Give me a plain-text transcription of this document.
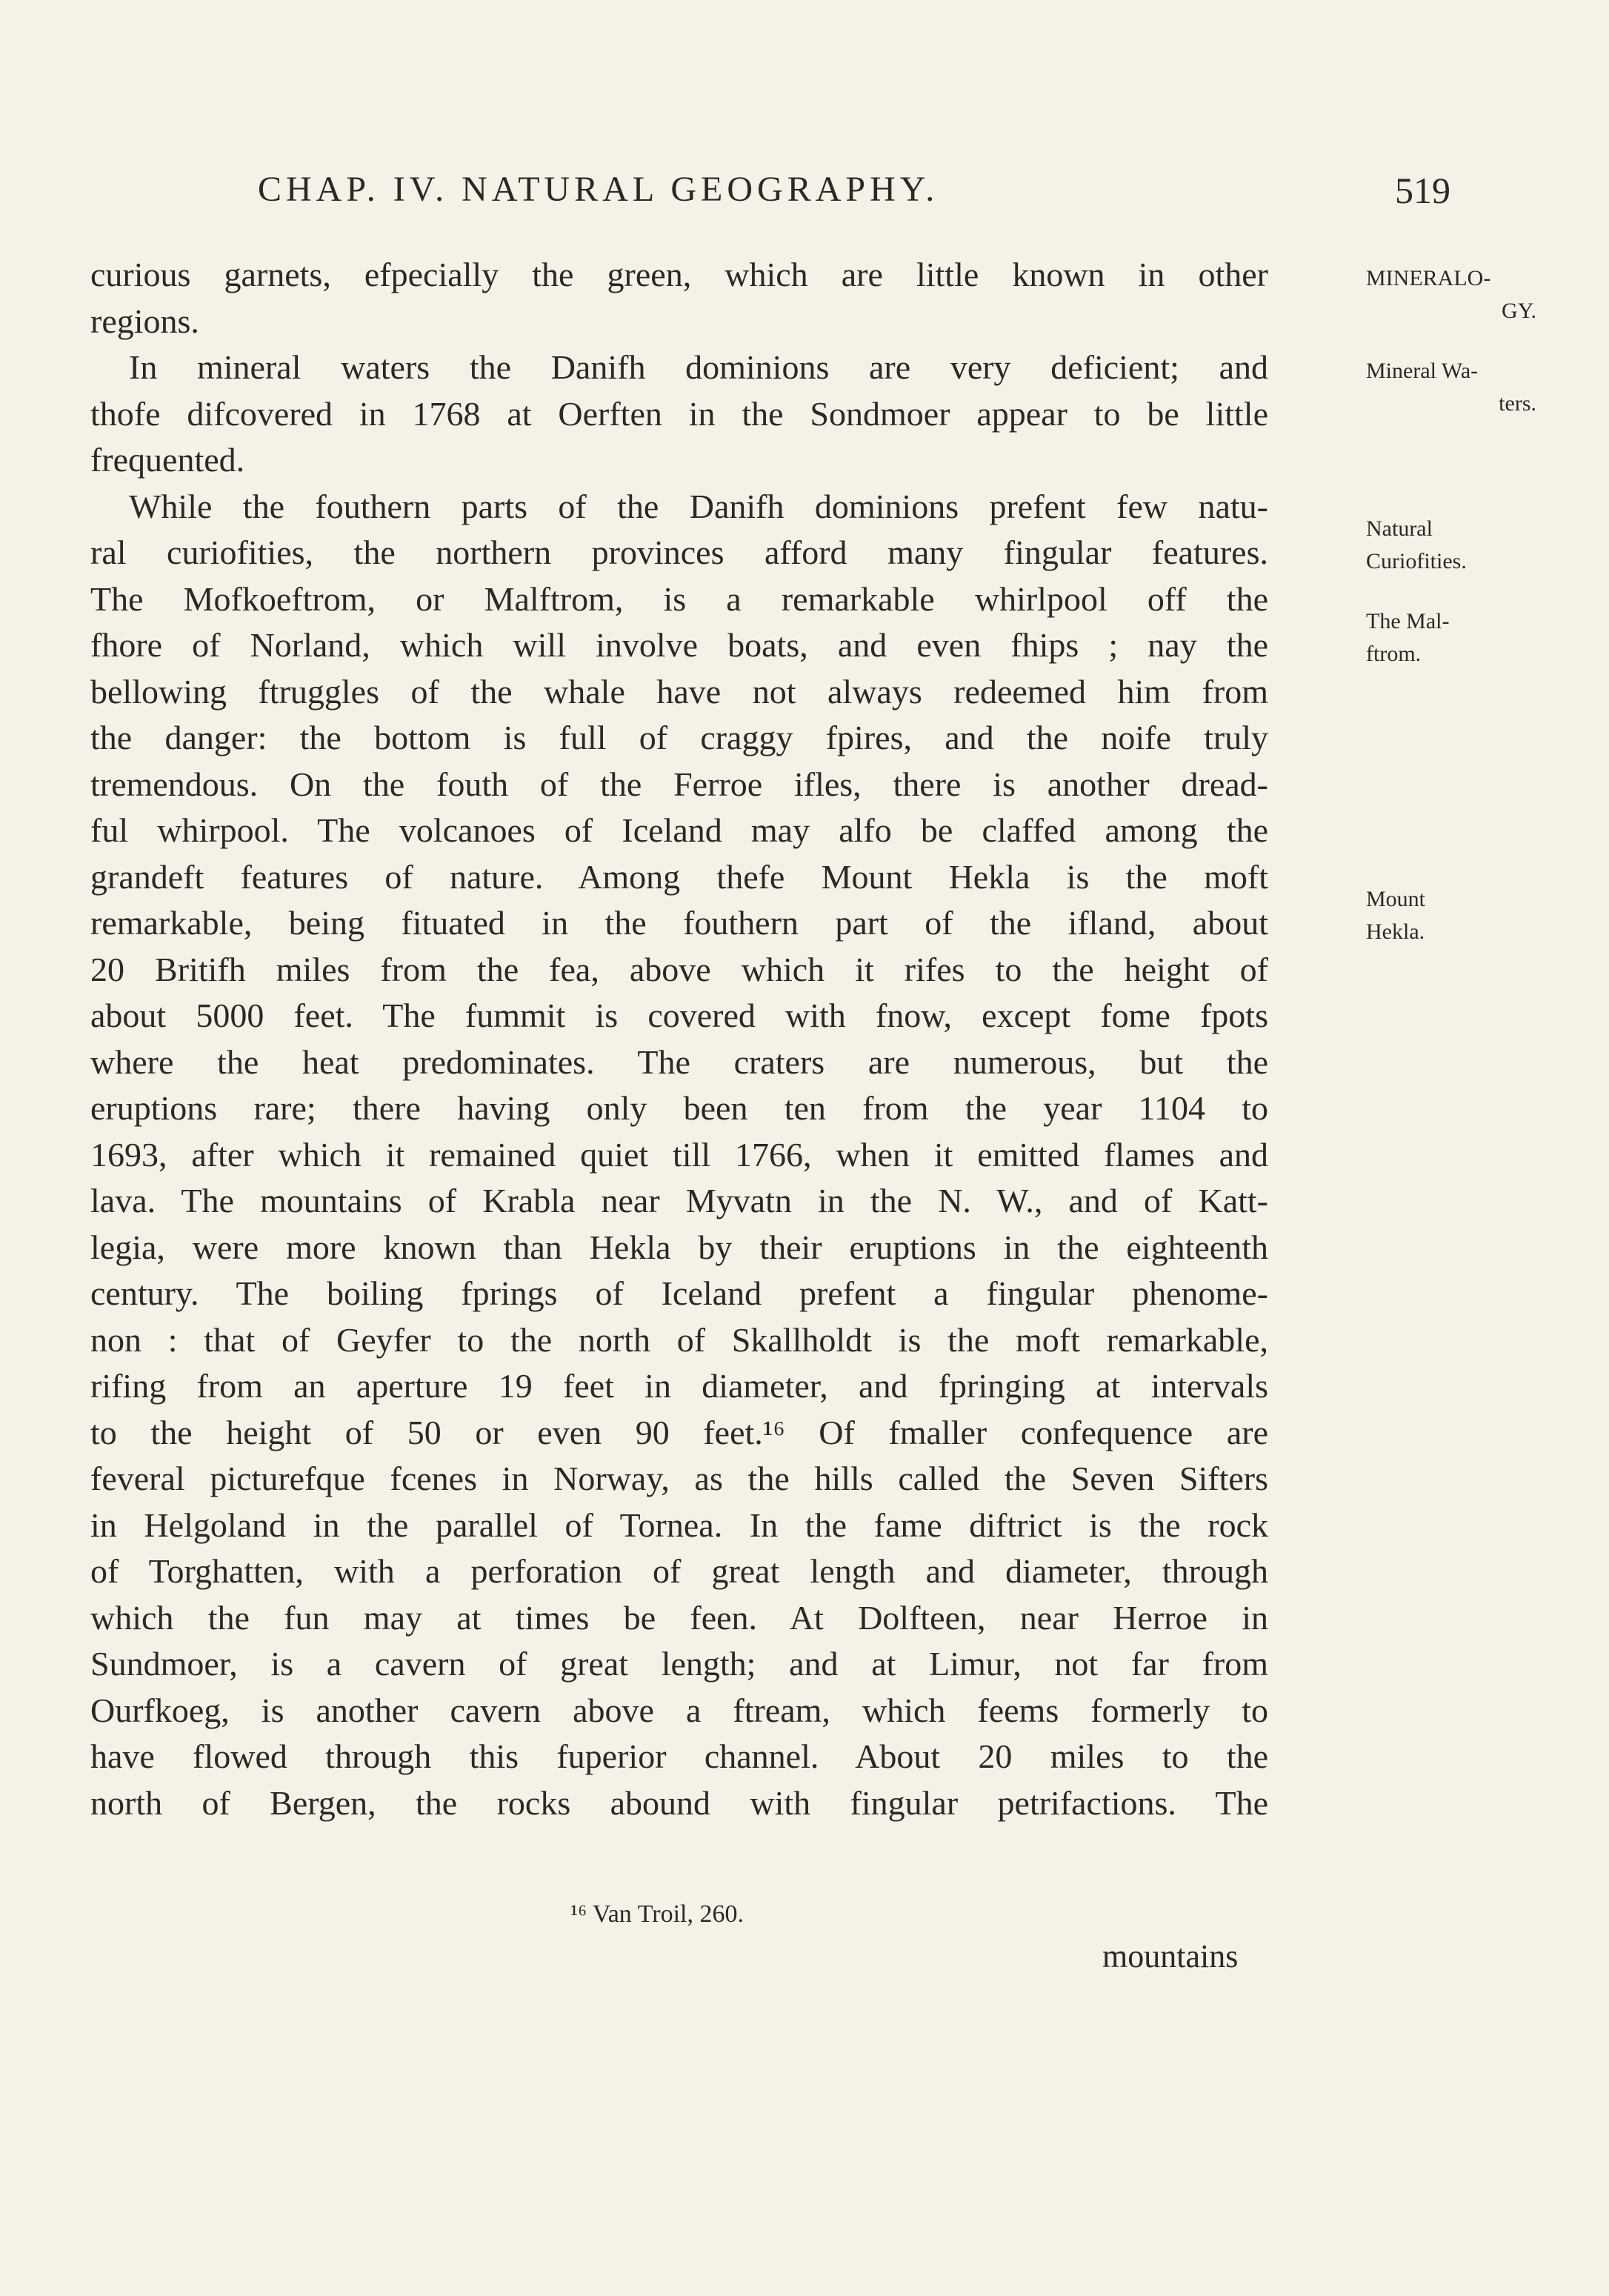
CHAP. IV. NATURAL GEOGRAPHY.	519
curious garnets, efpecially the green, which are little known in other
regions.
In mineral waters the Danifh dominions are very deficient; and
thofe difcovered in 1768 at Oerften in the Sondmoer appear to be little
frequented.
While the fouthern parts of the Danifh dominions prefent few natu-
ral curiofities, the northern provinces afford many fingular features.
The Mofkoeftrom, or Malftrom, is a remarkable whirlpool off the
fhore of Norland, which will involve boats, and even fhips ; nay the
bellowing ftruggles of the whale have not always redeemed him from
the danger: the bottom is full of craggy fpires, and the noife truly
tremendous. On the fouth of the Ferroe ifles, there is another dread-
ful whirpool. The volcanoes of Iceland may alfo be claffed among the
grandeft features of nature. Among thefe Mount Hekla is the moft
remarkable, being fituated in the fouthern part of the ifland, about
20 Britifh miles from the fea, above which it rifes to the height of
about 5000 feet. The fummit is covered with fnow, except fome fpots
where the heat predominates. The craters are numerous, but the
eruptions rare; there having only been ten from the year 1104 to
1693, after which it remained quiet till 1766, when it emitted flames and
lava. The mountains of Krabla near Myvatn in the N. W., and of Katt-
legia, were more known than Hekla by their eruptions in the eighteenth
century. The boiling fprings of Iceland prefent a fingular phenome-
non : that of Geyfer to the north of Skallholdt is the moft remarkable,
rifing from an aperture 19 feet in diameter, and fpringing at intervals
to the height of 50 or even 90 feet.¹⁶ Of fmaller confequence are
feveral picturefque fcenes in Norway, as the hills called the Seven Sifters
in Helgoland in the parallel of Tornea. In the fame diftrict is the rock
of Torghatten, with a perforation of great length and diameter, through
which the fun may at times be feen. At Dolfteen, near Herroe in
Sundmoer, is a cavern of great length; and at Limur, not far from
Ourfkoeg, is another cavern above a ftream, which feems formerly to
have flowed through this fuperior channel. About 20 miles to the
north of Bergen, the rocks abound with fingular petrifactions. The
MINERALO-
GY.
Mineral Wa-
ters.
Natural
Curiofities.
The Mal-
ftrom.
Mount
Hekla.
¹⁶ Van Troil, 260.
mountains
